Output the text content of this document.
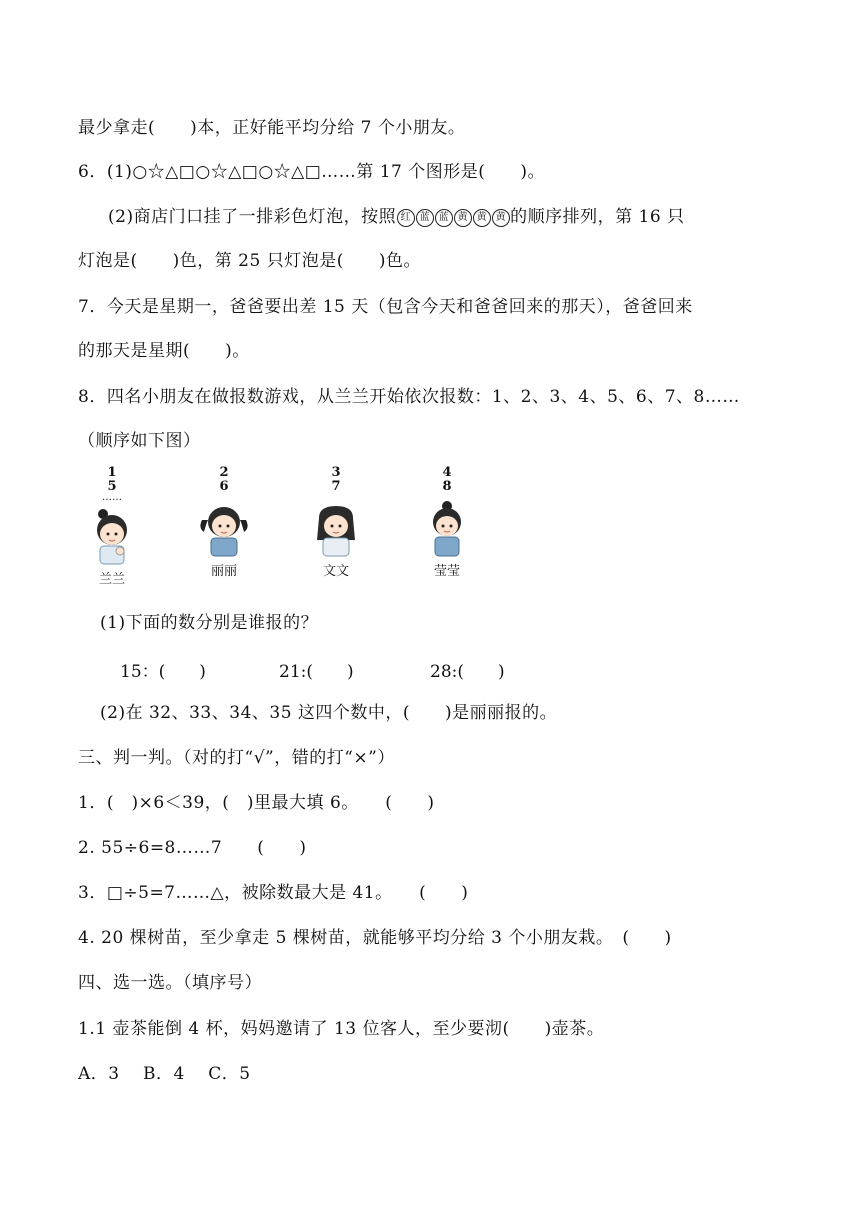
最少拿走(　　)本，正好能平均分给 7 个小朋友。
6．(1)○☆△□○☆△□○☆△□……第 17 个图形是(　　)。
(2)商店门口挂了一排彩色灯泡，按照 红 蓝 蓝 黄 黄 黄 的顺序排列，第 16 只
灯泡是(　　)色，第 25 只灯泡是(　　)色。
7．今天是星期一，爸爸要出差 15 天（包含今天和爸爸回来的那天），爸爸回来
的那天是星期(　　)。
8．四名小朋友在做报数游戏，从兰兰开始依次报数：1、2、3、4、5、6、7、8……
（顺序如下图）
1
5
……
兰兰
2
6
丽丽
3
7
文文
4
8
莹莹
(1)下面的数分别是谁报的？
15：(　　)	21:(　　)	28:(　　)
(2)在 32、33、34、35 这四个数中，(　　)是丽丽报的。
三、判一判。（对的打“√”，错的打“×”）
1．(　)×6＜39，(　)里最大填 6。　　(　　)
2. 55÷6=8……7　　(　　)
3．□÷5=7……△，被除数最大是 41。　　(　　)
4. 20 棵树苗，至少拿走 5 棵树苗，就能够平均分给 3 个小朋友栽。　(　　)
四、选一选。（填序号）
1.1 壶茶能倒 4 杯，妈妈邀请了 13 位客人，至少要沏(　　)壶茶。
A．3　 B．4　 C．5
